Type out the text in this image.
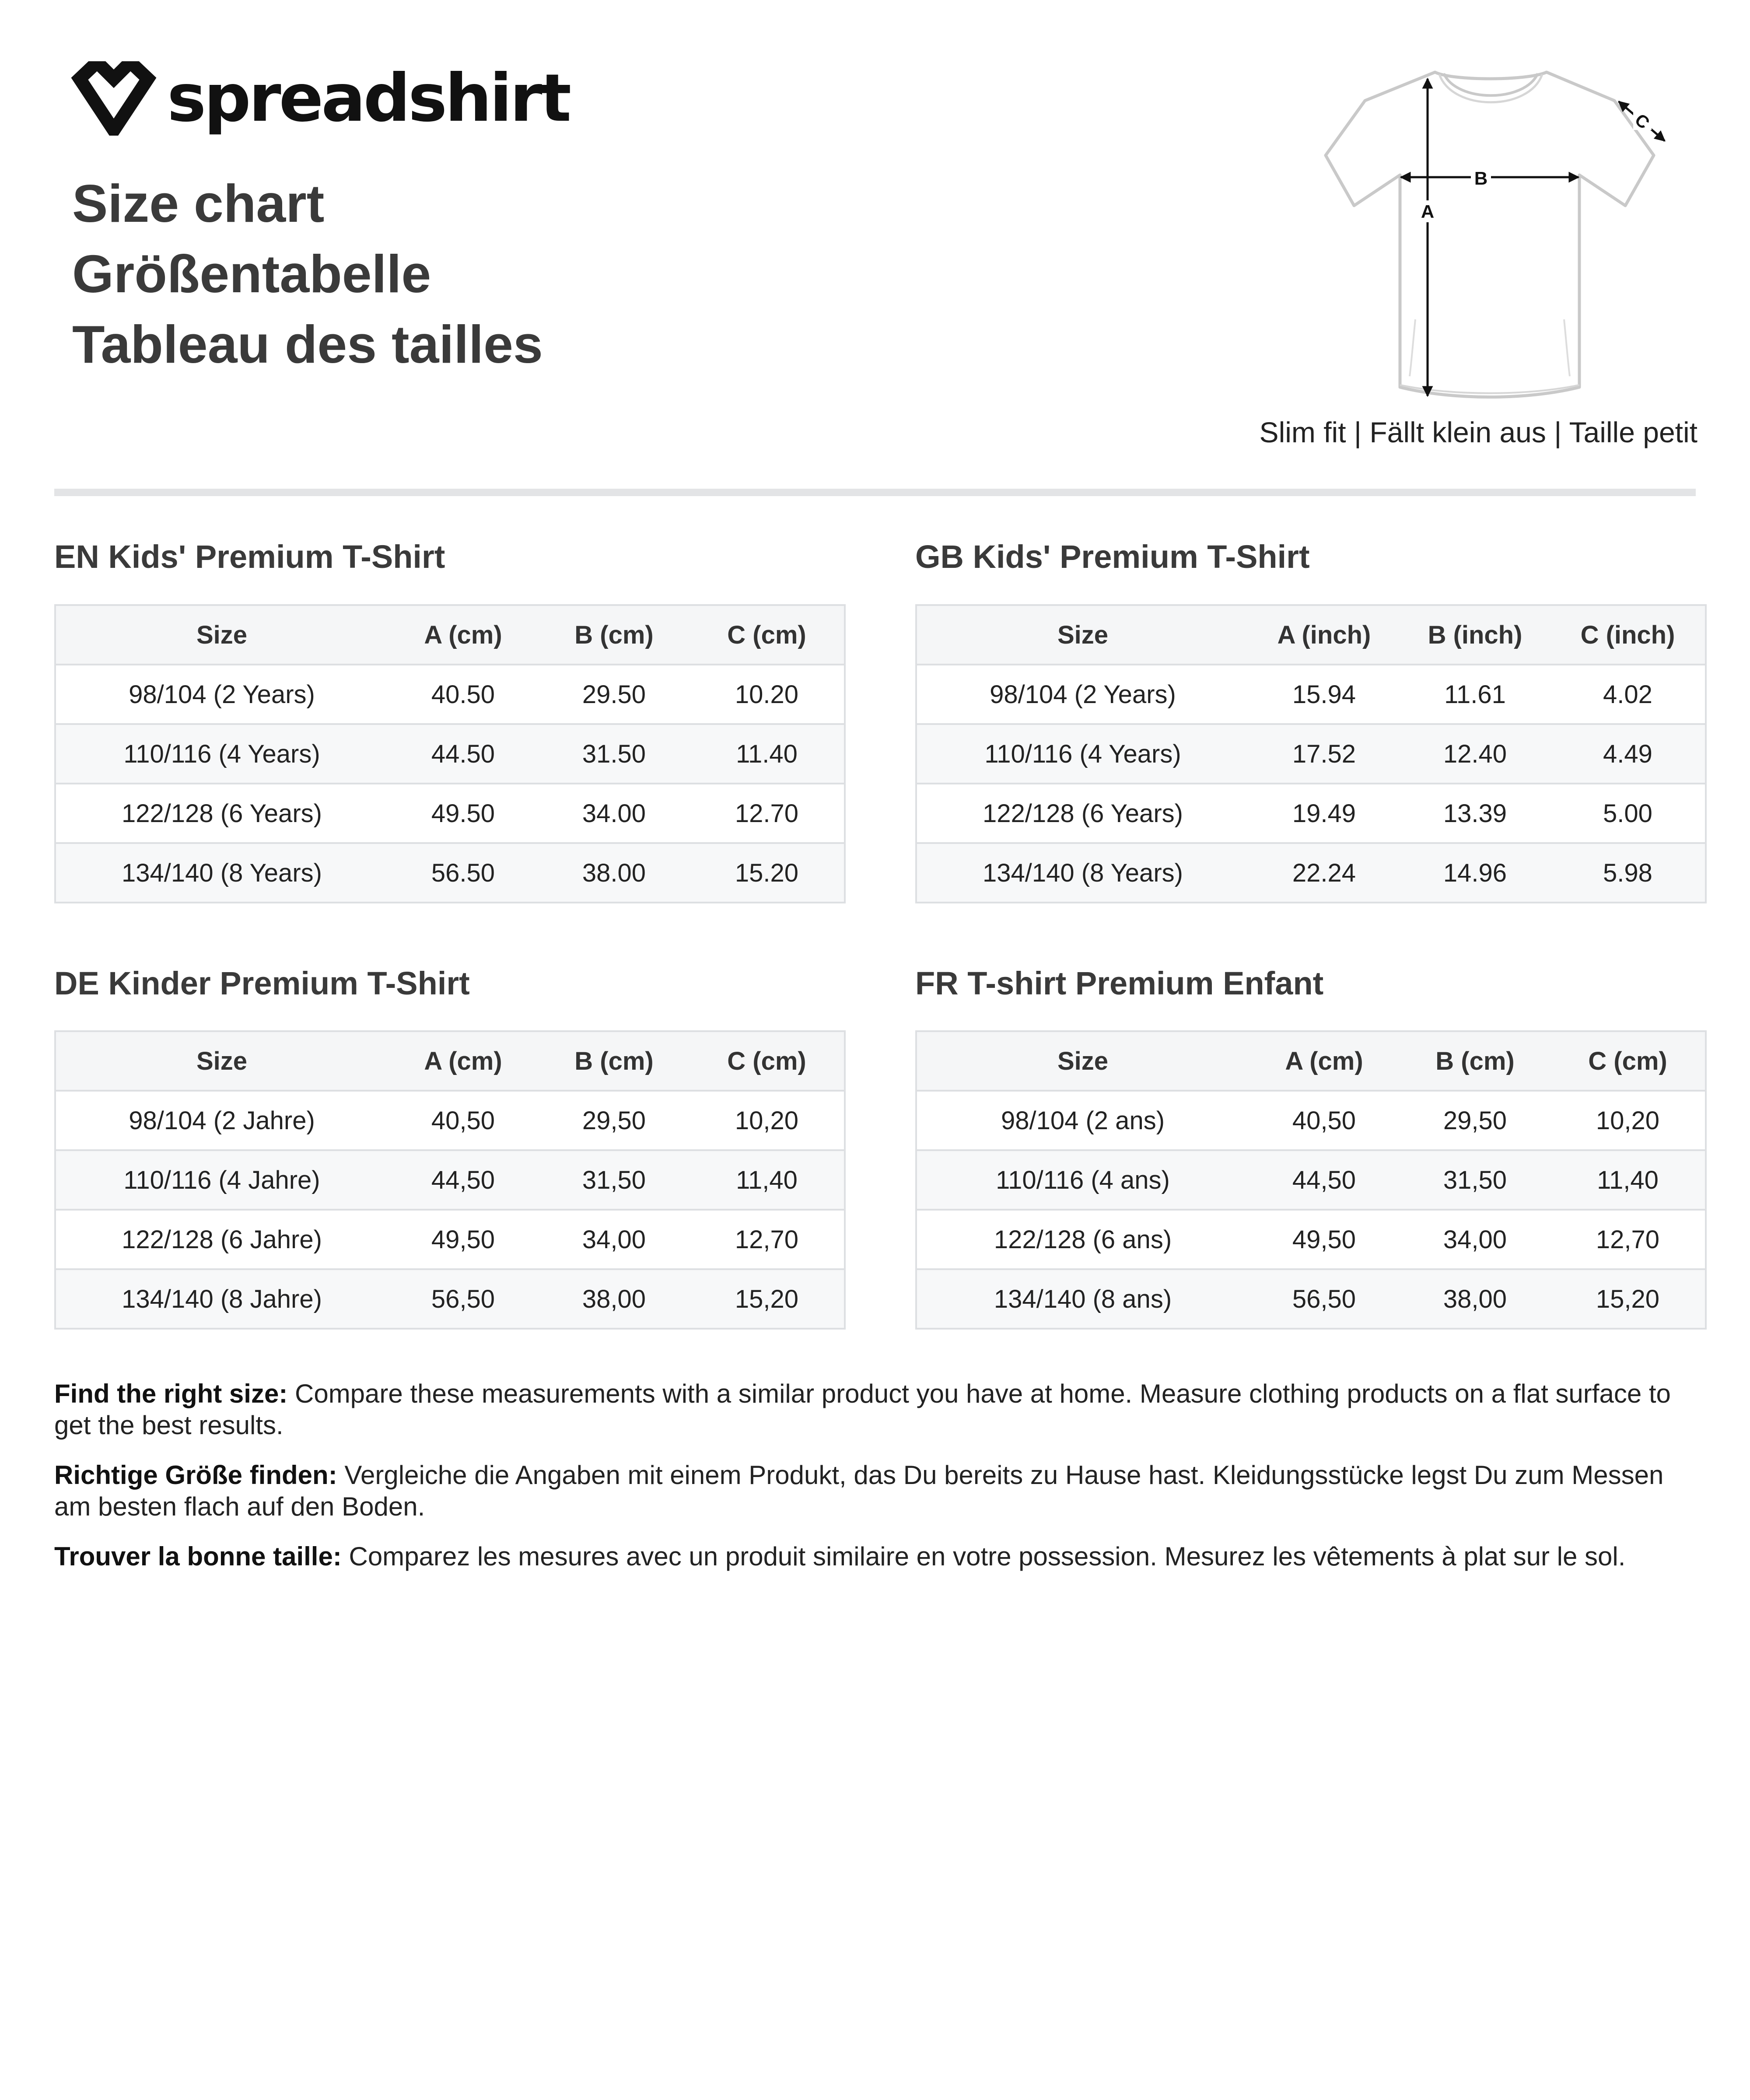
spreadshirt
Size chart
Größentabelle
Tableau des tailles
B
A
C
Slim fit | Fällt klein aus | Taille petit
EN Kids' Premium T-Shirt
Size	A (cm)	B (cm)	C (cm)
98/104 (2 Years)	40.50	29.50	10.20
110/116 (4 Years)	44.50	31.50	11.40
122/128 (6 Years)	49.50	34.00	12.70
134/140 (8 Years)	56.50	38.00	15.20
GB Kids' Premium T-Shirt
Size	A (inch)	B (inch)	C (inch)
98/104 (2 Years)	15.94	11.61	4.02
110/116 (4 Years)	17.52	12.40	4.49
122/128 (6 Years)	19.49	13.39	5.00
134/140 (8 Years)	22.24	14.96	5.98
DE Kinder Premium T-Shirt
Size	A (cm)	B (cm)	C (cm)
98/104 (2 Jahre)	40,50	29,50	10,20
110/116 (4 Jahre)	44,50	31,50	11,40
122/128 (6 Jahre)	49,50	34,00	12,70
134/140 (8 Jahre)	56,50	38,00	15,20
FR T-shirt Premium Enfant
Size	A (cm)	B (cm)	C (cm)
98/104 (2 ans)	40,50	29,50	10,20
110/116 (4 ans)	44,50	31,50	11,40
122/128 (6 ans)	49,50	34,00	12,70
134/140 (8 ans)	56,50	38,00	15,20

Find the right size: Compare these measurements with a similar product you have at home. Measure clothing products on a flat surface to get the best results.

Richtige Größe finden: Vergleiche die Angaben mit einem Produkt, das Du bereits zu Hause hast. Kleidungsstücke legst Du zum Messen am besten flach auf den Boden.

Trouver la bonne taille: Comparez les mesures avec un produit similaire en votre possession. Mesurez les vêtements à plat sur le sol.
